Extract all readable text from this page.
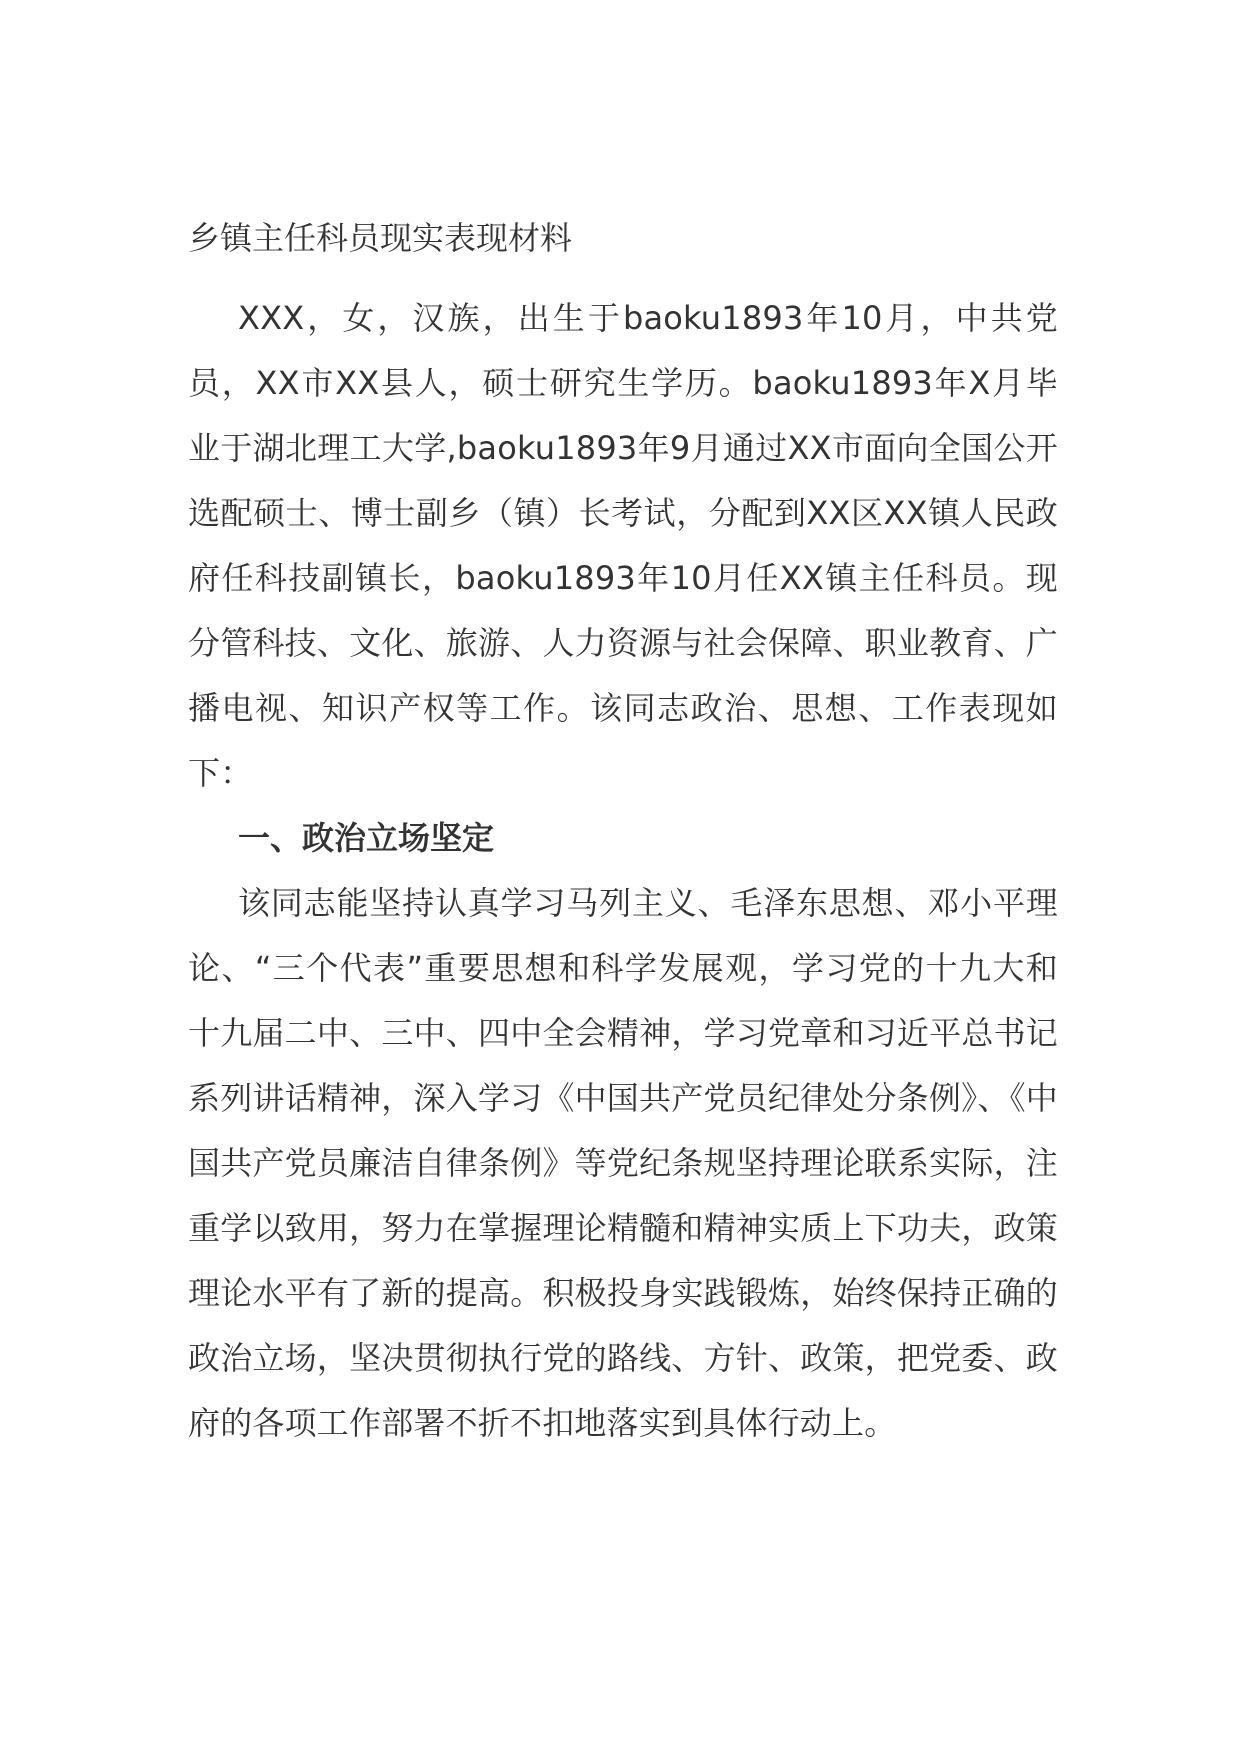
乡镇主任科员现实表现材料

XXX，女，汉族，出生于baoku1893年10月，中共党员，XX市XX县人，硕士研究生学历。baoku1893年X月毕业于湖北理工大学,baoku1893年9月通过XX市面向全国公开选配硕士、博士副乡（镇）长考试，分配到XX区XX镇人民政府任科技副镇长，baoku1893年10月任XX镇主任科员。现分管科技、文化、旅游、人力资源与社会保障、职业教育、广播电视、知识产权等工作。该同志政治、思想、工作表现如下：

一、政治立场坚定

该同志能坚持认真学习马列主义、毛泽东思想、邓小平理论、“三个代表”重要思想和科学发展观，学习党的十九大和十九届二中、三中、四中全会精神，学习党章和习近平总书记系列讲话精神，深入学习《中国共产党员纪律处分条例》、《中国共产党员廉洁自律条例》等党纪条规坚持理论联系实际，注重学以致用，努力在掌握理论精髓和精神实质上下功夫，政策理论水平有了新的提高。积极投身实践锻炼，始终保持正确的政治立场，坚决贯彻执行党的路线、方针、政策，把党委、政府的各项工作部署不折不扣地落实到具体行动上。
